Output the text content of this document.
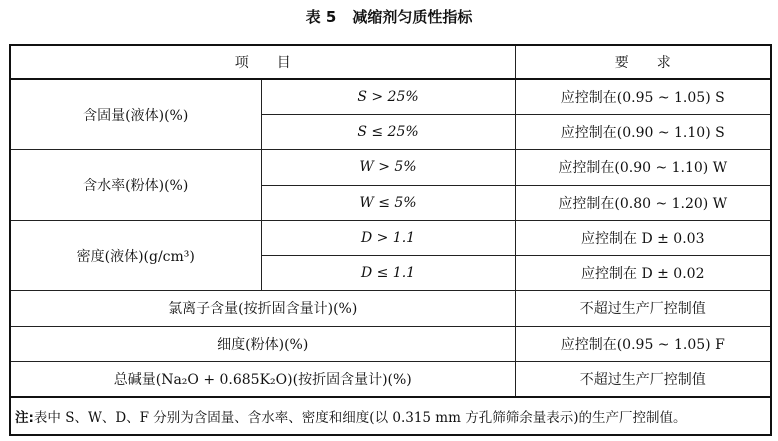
表 5 减缩剂匀质性指标
项　　目		要　　求
含固量(液体)(%)	S > 25%	应控制在(0.95 ~ 1.05) S
	S ≤ 25%	应控制在(0.90 ~ 1.10) S
含水率(粉体)(%)	W > 5%	应控制在(0.90 ~ 1.10) W
	W ≤ 5%	应控制在(0.80 ~ 1.20) W
密度(液体)(g/cm³)	D > 1.1	应控制在 D ± 0.03
	D ≤ 1.1	应控制在 D ± 0.02
氯离子含量(按折固含量计)(%)		不超过生产厂控制值
细度(粉体)(%)		应控制在(0.95 ~ 1.05) F
总碱量(Na₂O + 0.685K₂O)(按折固含量计)(%)		不超过生产厂控制值
注:表中 S、W、D、F 分别为含固量、含水率、密度和细度(以 0.315 mm 方孔筛筛余量表示)的生产厂控制值。		
